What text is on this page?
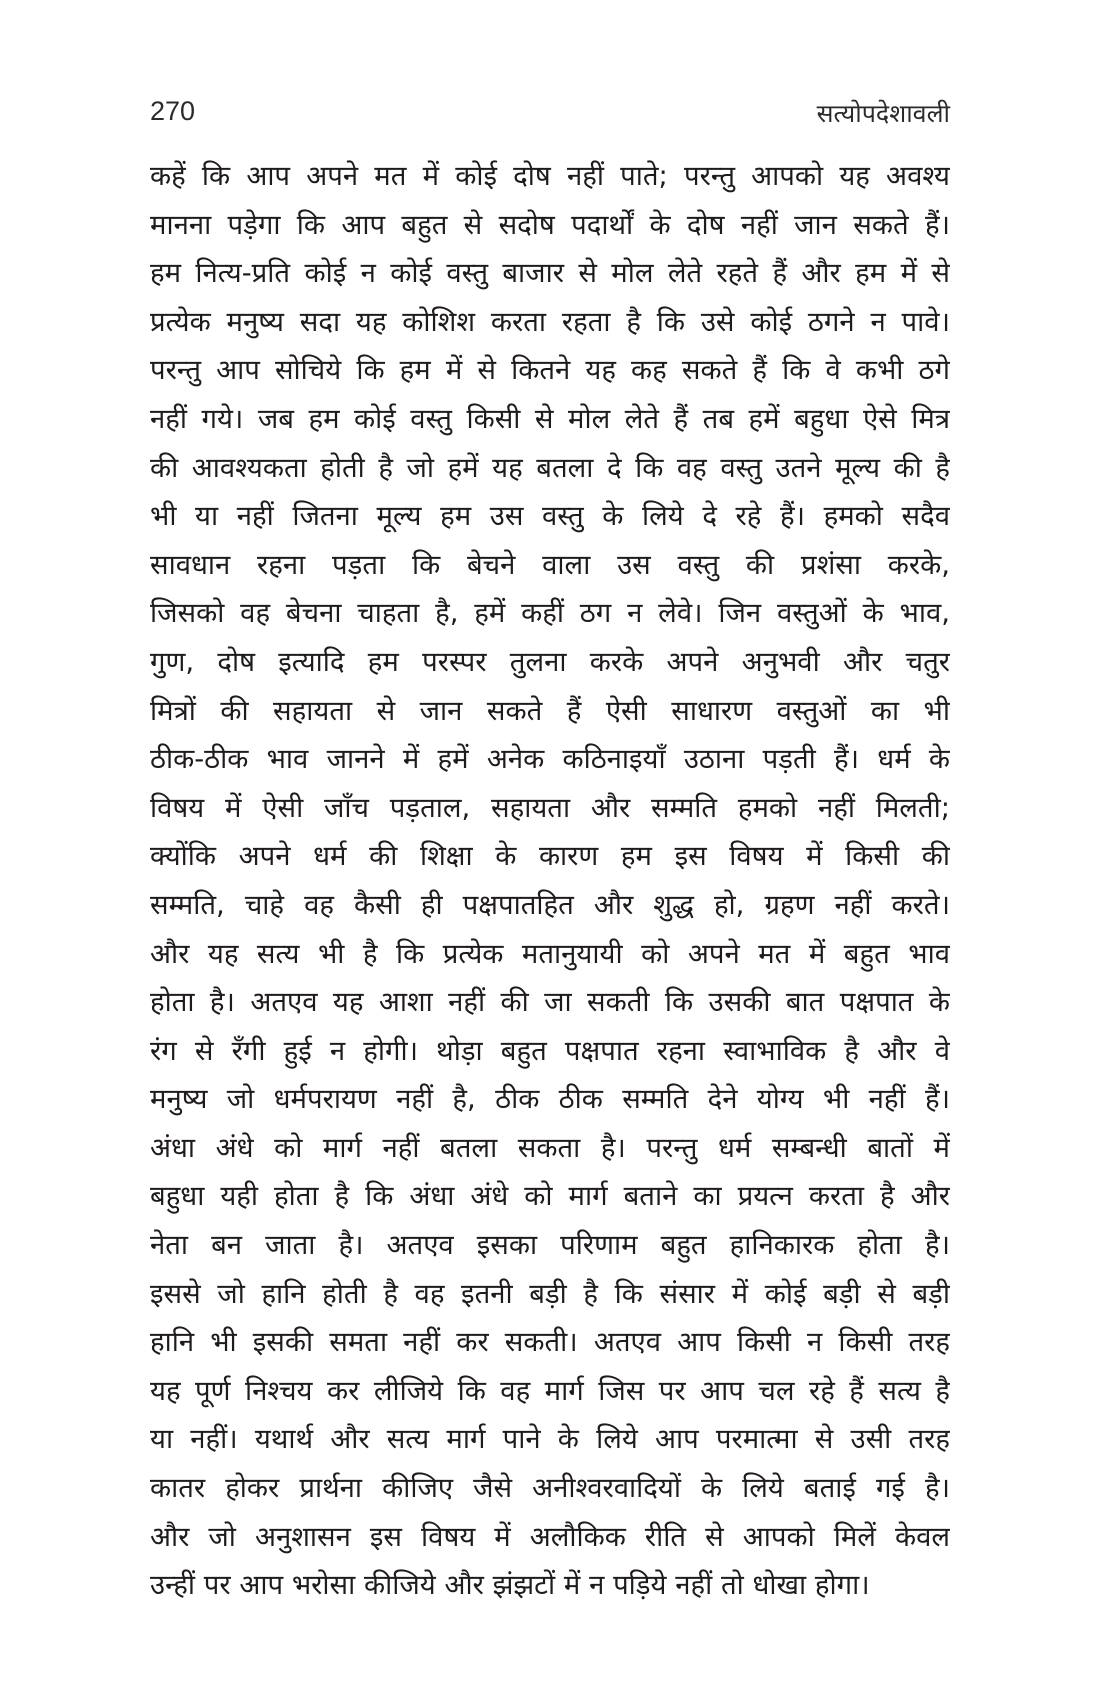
270	सत्योपदेशावली
कहें कि आप अपने मत में कोई दोष नहीं पाते; परन्तु आपको यह अवश्य
मानना पड़ेगा कि आप बहुत से सदोष पदार्थों के दोष नहीं जान सकते हैं।
हम नित्य-प्रति कोई न कोई वस्तु बाजार से मोल लेते रहते हैं और हम में से
प्रत्येक मनुष्य सदा यह कोशिश करता रहता है कि उसे कोई ठगने न पावे।
परन्तु आप सोचिये कि हम में से कितने यह कह सकते हैं कि वे कभी ठगे
नहीं गये। जब हम कोई वस्तु किसी से मोल लेते हैं तब हमें बहुधा ऐसे मित्र
की आवश्यकता होती है जो हमें यह बतला दे कि वह वस्तु उतने मूल्य की है
भी या नहीं जितना मूल्य हम उस वस्तु के लिये दे रहे हैं। हमको सदैव
सावधान रहना पड़ता कि बेचने वाला उस वस्तु की प्रशंसा करके,
जिसको वह बेचना चाहता है, हमें कहीं ठग न लेवे। जिन वस्तुओं के भाव,
गुण, दोष इत्यादि हम परस्पर तुलना करके अपने अनुभवी और चतुर
मित्रों की सहायता से जान सकते हैं ऐसी साधारण वस्तुओं का भी
ठीक-ठीक भाव जानने में हमें अनेक कठिनाइयाँ उठाना पड़ती हैं। धर्म के
विषय में ऐसी जाँच पड़ताल, सहायता और सम्मति हमको नहीं मिलती;
क्योंकि अपने धर्म की शिक्षा के कारण हम इस विषय में किसी की
सम्मति, चाहे वह कैसी ही पक्षपातहित और शुद्ध हो, ग्रहण नहीं करते।
और यह सत्य भी है कि प्रत्येक मतानुयायी को अपने मत में बहुत भाव
होता है। अतएव यह आशा नहीं की जा सकती कि उसकी बात पक्षपात के
रंग से रँगी हुई न होगी। थोड़ा बहुत पक्षपात रहना स्वाभाविक है और वे
मनुष्य जो धर्मपरायण नहीं है, ठीक ठीक सम्मति देने योग्य भी नहीं हैं।
अंधा अंधे को मार्ग नहीं बतला सकता है। परन्तु धर्म सम्बन्धी बातों में
बहुधा यही होता है कि अंधा अंधे को मार्ग बताने का प्रयत्न करता है और
नेता बन जाता है। अतएव इसका परिणाम बहुत हानिकारक होता है।
इससे जो हानि होती है वह इतनी बड़ी है कि संसार में कोई बड़ी से बड़ी
हानि भी इसकी समता नहीं कर सकती। अतएव आप किसी न किसी तरह
यह पूर्ण निश्चय कर लीजिये कि वह मार्ग जिस पर आप चल रहे हैं सत्य है
या नहीं। यथार्थ और सत्य मार्ग पाने के लिये आप परमात्मा से उसी तरह
कातर होकर प्रार्थना कीजिए जैसे अनीश्वरवादियों के लिये बताई गई है।
और जो अनुशासन इस विषय में अलौकिक रीति से आपको मिलें केवल
उन्हीं पर आप भरोसा कीजिये और झंझटों में न पड़िये नहीं तो धोखा होगा।
